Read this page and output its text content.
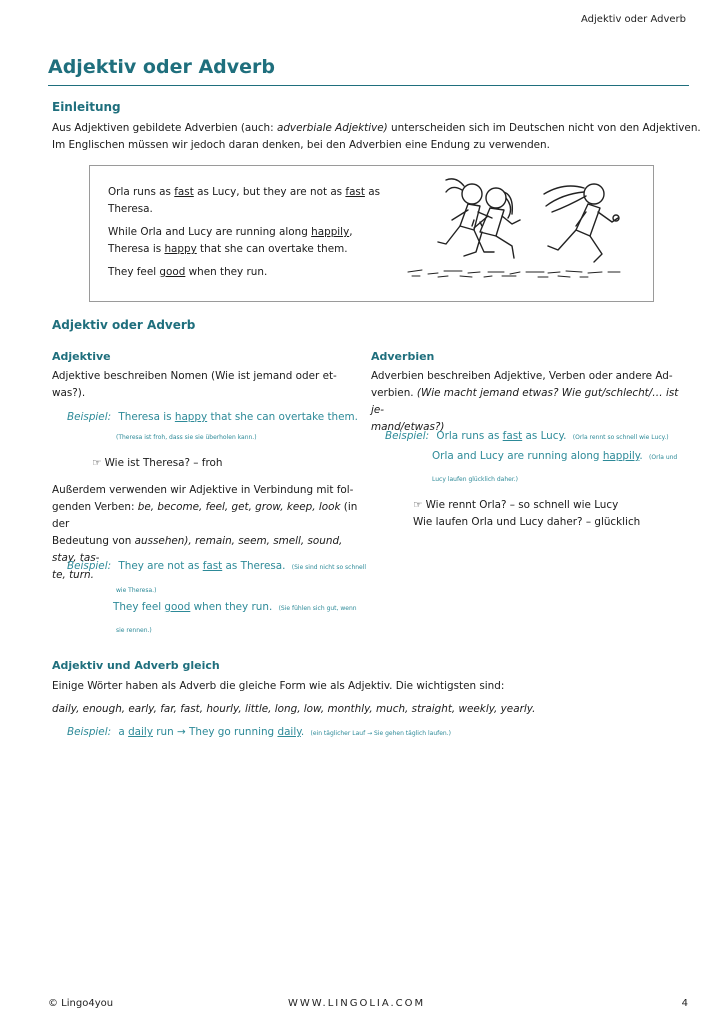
Adjektiv oder Adverb
Adjektiv oder Adverb
Einleitung
Aus Adjektiven gebildete Adverbien (auch: adverbiale Adjektive) unterscheiden sich im Deutschen nicht von den Adjektiven.
Im Englischen müssen wir jedoch daran denken, bei den Adverbien eine Endung zu verwenden.
Orla runs as fast as Lucy, but they are not as fast as
Theresa.
While Orla and Lucy are running along happily,
Theresa is happy that she can overtake them.
They feel good when they run.
Adjektiv oder Adverb
Adjektive
Adjektive beschreiben Nomen (Wie ist jemand oder et-
was?).
Beispiel: Theresa is happy that she can overtake them.
(Theresa ist froh, dass sie sie überholen kann.)
☞ Wie ist Theresa? – froh
Außerdem verwenden wir Adjektive in Verbindung mit fol-
genden Verben: be, become, feel, get, grow, keep, look (in der
Bedeutung von aussehen), remain, seem, smell, sound, stay, tas-
te, turn.
Beispiel: They are not as fast as Theresa. (Sie sind nicht so schnell
wie Theresa.)
They feel good when they run. (Sie fühlen sich gut, wenn
sie rennen.)
Adverbien
Adverbien beschreiben Adjektive, Verben oder andere Ad-
verbien. (Wie macht jemand etwas? Wie gut/schlecht/… ist je-
mand/etwas?)
Beispiel: Orla runs as fast as Lucy. (Orla rennt so schnell wie Lucy.)
Orla and Lucy are running along happily. (Orla und
Lucy laufen glücklich daher.)
☞ Wie rennt Orla? – so schnell wie Lucy
Wie laufen Orla und Lucy daher? – glücklich
Adjektiv und Adverb gleich
Einige Wörter haben als Adverb die gleiche Form wie als Adjektiv. Die wichtigsten sind:
daily, enough, early, far, fast, hourly, little, long, low, monthly, much, straight, weekly, yearly.
Beispiel: a daily run → They go running daily. (ein täglicher Lauf → Sie gehen täglich laufen.)
© Lingo4you	WWW.LINGOLIA.COM	4
